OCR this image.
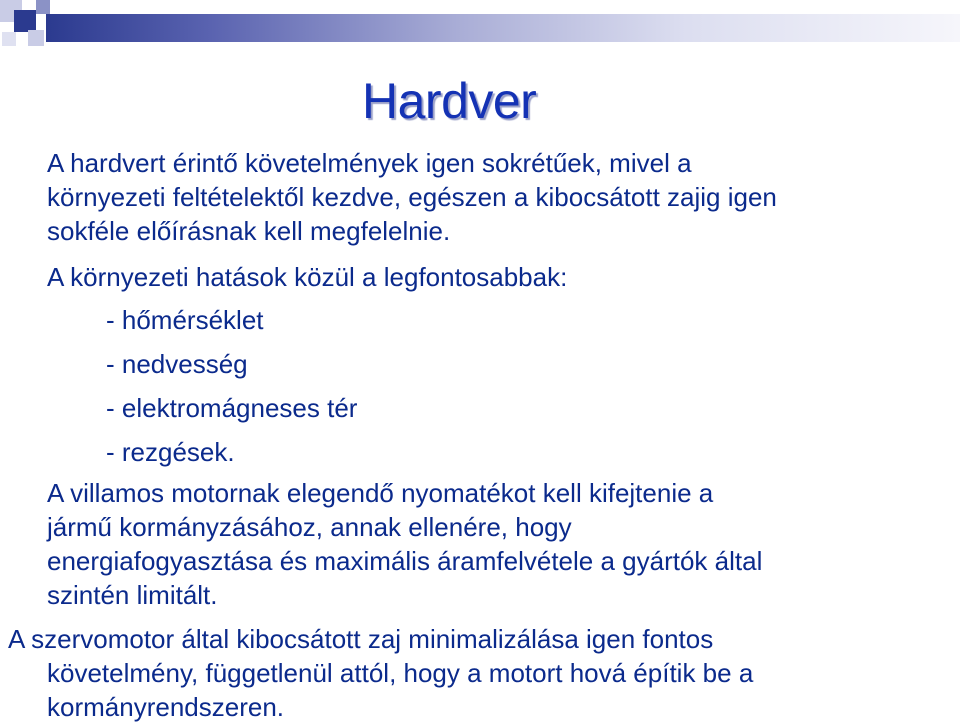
Hardver
A hardvert érintő követelmények igen sokrétűek, mivel a
környezeti feltételektől kezdve, egészen a kibocsátott zajig igen
sokféle előírásnak kell megfelelnie.
A környezeti hatások közül a legfontosabbak:
- hőmérséklet
- nedvesség
- elektromágneses tér
- rezgések.
A villamos motornak elegendő nyomatékot kell kifejtenie a
jármű kormányzásához, annak ellenére, hogy
energiafogyasztása és maximális áramfelvétele a gyártók által
szintén limitált.
A szervomotor által kibocsátott zaj minimalizálása igen fontos
követelmény, függetlenül attól, hogy a motort hová építik be a
kormányrendszeren.
